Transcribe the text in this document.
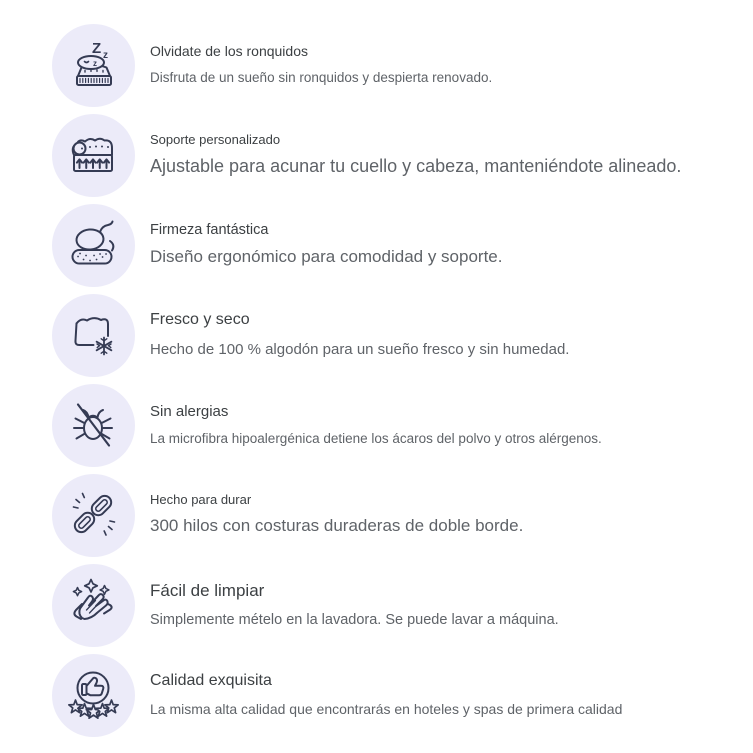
z
Z z	Olvidate de los ronquidos
Disfruta de un sueño sin ronquidos y despierta renovado.
Soporte personalizado
Ajustable para acunar tu cuello y cabeza, manteniéndote alineado.
Firmeza fantástica
Diseño ergonómico para comodidad y soporte.
Fresco y seco
Hecho de 100 % algodón para un sueño fresco y sin humedad.
Sin alergias
La microfibra hipoalergénica detiene los ácaros del polvo y otros alérgenos.
Hecho para durar
300 hilos con costuras duraderas de doble borde.
Fácil de limpiar
Simplemente mételo en la lavadora. Se puede lavar a máquina.
Calidad exquisita
La misma alta calidad que encontrarás en hoteles y spas de primera calidad
